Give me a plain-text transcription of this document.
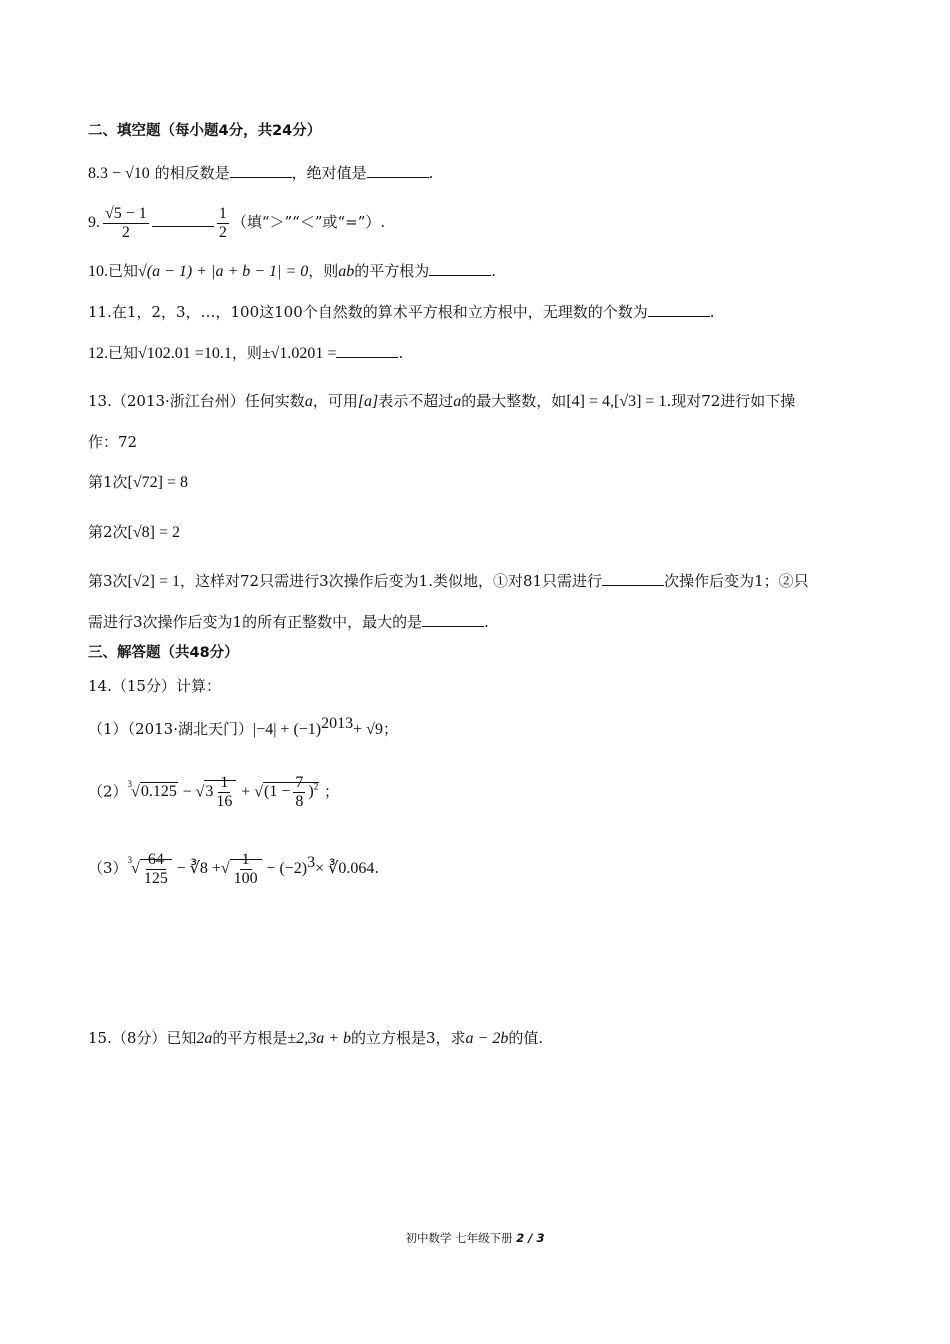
二、填空题（每小题4分，共24分）
8.3 − √10 的相反数是	，绝对值是	.
9. $\frac{√5 - 1}{2}$	$\frac{1}{2}$ （填“＞”“＜”或“=”）.
10.已知√(a − 1) + |a + b − 1| = 0，则ab的平方根为	.
11.在1，2，3，…，100这100个自然数的算术平方根和立方根中，无理数的个数为	.
12.已知√102.01 =10.1，则±√1.0201 =	.
13.（2013·浙江台州）任何实数a，可用[a]表示不超过a的最大整数，如[4] = 4,[√3] = 1.现对72进行如下操
作：72
第1次[√72] = 8
第2次[√8] = 2
第3次[√2] = 1，这样对72只需进行3次操作后变为1.类似地，①对81只需进行	次操作后变为1；②只
需进行3次操作后变为1的所有正整数中，最大的是	.
三、解答题（共48分）
14.（15分）计算：
（1）（2013·湖北天门）$|-4| + (-1)^{2013}+ √9$；
$(2)^3√0.125 - √3 \frac{1}{16} + √(1 - \frac{7}{8} )^2$ ；
$(3)^3√ \frac{64}{125}$ − ∛8 +√ $\frac{1}{100} - (-2)^3\times$ ∛0.064.
15.（8分）已知2a的平方根是±2,3a + b的立方根是3，求a − 2b的值.
初中数学 七年级下册 2 / 3
